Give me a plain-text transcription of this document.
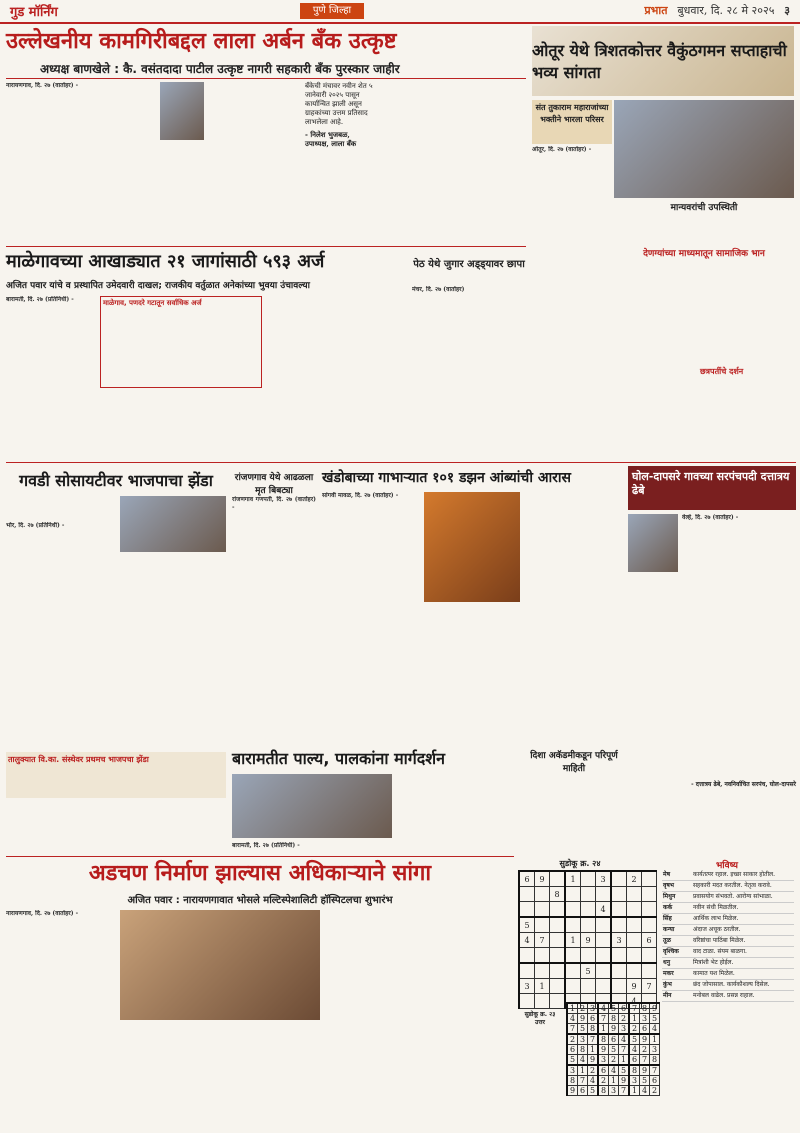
गुड मॉर्निंग	पुणे जिल्हा	प्रभात बुधवार, दि. २८ मे २०२५ ३
उल्लेखनीय कामगिरीबद्दल लाला अर्बन बँक उत्कृष्ट
अध्यक्ष बाणखेले : कै. वसंतदादा पाटील उत्कृष्ट नागरी सहकारी बँक पुरस्कार जाहीर
नारायणगाव, दि. २७ (वार्ताहर) -	बँकेची मंचावर नवीन शेत ५ जानेवारी २०२५ पासून कार्यान्वित झाली असून ग्राहकांच्या उत्तम प्रतिसाद लाभलेला आहे.
- निलेश भुजबळ, उपाध्यक्ष, लाला बँक
ओतूर येथे त्रिशतकोत्तर वैकुंठगमन सप्ताहाची भव्य सांगता
संत तुकाराम महाराजांच्या भक्तीने भारला परिसर
मान्यवरांची उपस्थिती
ओतूर, दि. २७ (वार्ताहर) -
देणग्यांच्या माध्यमातून सामाजिक भान
छत्रपतींचे दर्शन
माळेगावच्या आखाड्यात २१ जागांसाठी ५९३ अर्ज
अजित पवार यांचे व प्रस्थापित उमेदवारी दाखल; राजकीय वर्तुळात अनेकांच्या भुवया उंचावल्या
बारामती, दि. २७ (प्रतिनिधी) -	माळेगाव, पणदरे गटातून सर्वाधिक अर्ज
पेठ येथे जुगार अड्ड्यावर छापा
मंचर, दि. २७ (वार्ताहर)
गवडी सोसायटीवर भाजपाचा झेंडा
भोर, दि. २७ (प्रतिनिधी) -
तालुक्यात वि.का. संस्थेवर प्रथमच भाजपचा झेंडा
रांजणगाव येथे आढळला मृत बिबट्या
रांजणगाव गणपती, दि. २७ (वार्ताहर) -
खंडोबाच्या गाभाऱ्यात १०१ डझन आंब्यांची आरास
सांगवी मावळ, दि. २७ (वार्ताहर) -
घोल-दापसरे गावच्या सरपंचपदी दत्तात्रय ढेबे
वेल्हे, दि. २७ (वार्ताहर) -
- दत्तात्रय ढेबे, नवनिर्वाचित सरपंच, घोल-दापसरे
बारामतीत पाल्य, पालकांना मार्गदर्शन
बारामती, दि. २७ (प्रतिनिधी) -
दिशा अकॅडमीकडून परिपूर्ण माहिती
अडचण निर्माण झाल्यास अधिकाऱ्याने सांगा
अजित पवार : नारायणगावात भोसले मल्टिस्पेशालिटी हॉस्पिटलचा शुभारंभ
नारायणगाव, दि. २७ (वार्ताहर) -
सुडोकू क्र. २४
6	9		1		3		2	
		8						
					4			
5								
4	7		1	9		3		6

				5				
3	1						9	7
							4	
सुडोकू क्र. २३ उत्तर
1	2	3	4	5	6	7	8	9
4	9	6	7	8	2	1	3	5
7	5	8	1	9	3	2	6	4
2	3	7	8	6	4	5	9	1
6	8	1	9	5	7	4	2	3
5	4	9	3	2	1	6	7	8
3	1	2	6	4	5	8	9	7
8	7	4	2	1	9	3	5	6
9	6	5	8	3	7	1	4	2
भविष्य
मेष	कार्यतत्पर रहाल. इच्छा साकार होतील.
वृषभ	सहकारी मदत करतील. नेतृत्व करावे.
मिथुन	प्रवासयोग संभवतो. आरोग्य सांभाळा.
कर्क	नवीन संधी मिळतील.
सिंह	आर्थिक लाभ मिळेल.
कन्या	अंदाज अचूक ठरतील.
तूळ	वरिष्ठांचा पाठिंबा मिळेल.
वृश्चिक	वाद टाळा. संयम बाळगा.
धनु	मित्रांशी भेट होईल.
मकर	कामात यश मिळेल.
कुंभ	छंद जोपासाल. कार्यकौशल्य दिसेल.
मीन	मनोबल वाढेल. प्रसन्न राहाल.
